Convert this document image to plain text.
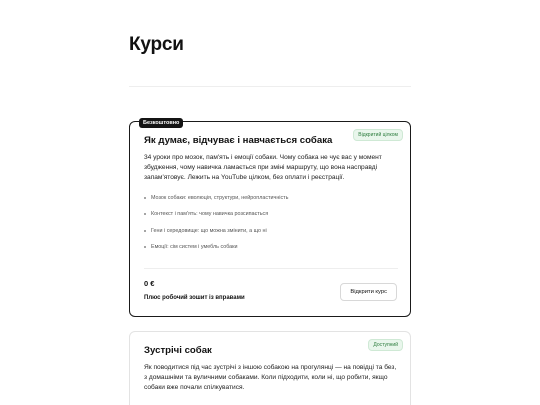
Курси
Безкоштовно
Відкритий цілком
Як думає, відчуває і навчається собака

34 уроки про мозок, пам'ять і емоції собаки. Чому собака не чує вас у момент збудження, чому навичка ламається при зміні маршруту, що вона насправді запам'ятовує. Лежить на YouTube цілком, без оплати і реєстрації.

Мозок собаки: еволюція, структури, нейропластичність
Контекст і пам'ять: чому навичка розсипається
Гени і середовище: що можна змінити, а що ні
Емоції: сім систем і умебль собаки
0 €
Плюс робочий зошит із вправами
Відкрити курс
Доступний
Зустрічі собак

Як поводитися під час зустрічі з іншою собакою на прогулянці — на повідці та без, з домашніми та вуличними собаками. Коли підходити, коли ні, що робити, якщо собаки вже почали спілкуватися.
